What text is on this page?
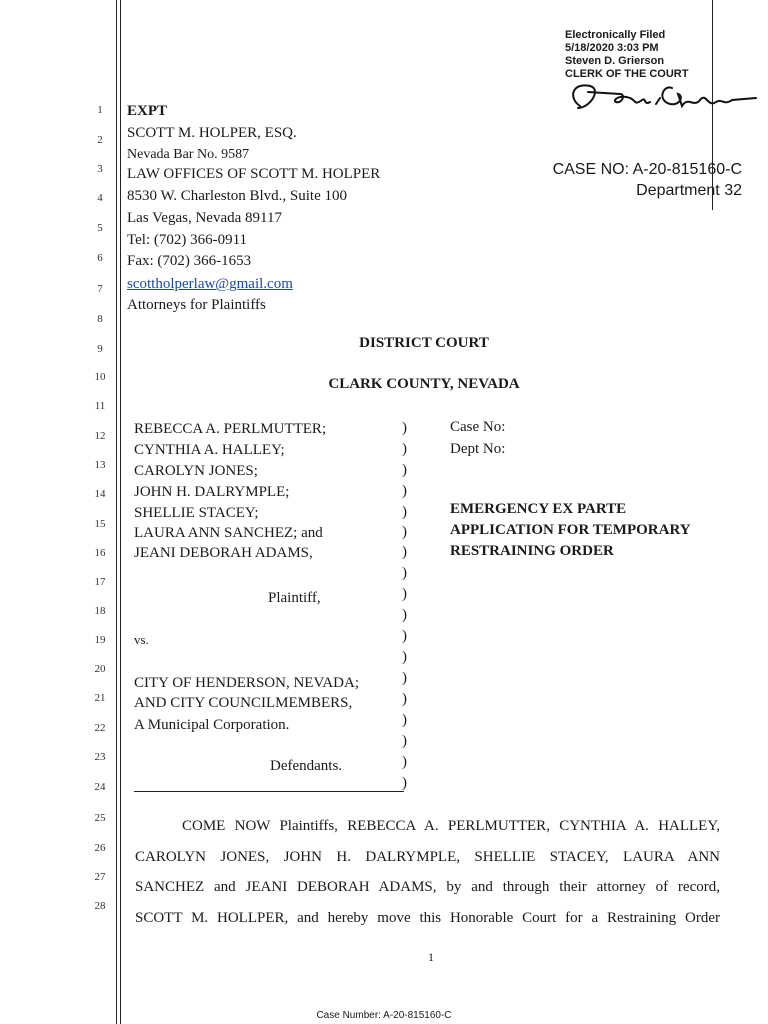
Electronically Filed
5/18/2020 3:03 PM
Steven D. Grierson
CLERK OF THE COURT
CASE NO: A-20-815160-C
Department 32
1
2
3
4
5
6
7
8
9
10
11
12
13
14
15
16
17
18
19
20
21
22
23
24
25
26
27
28
EXPT
SCOTT M. HOLPER, ESQ.
Nevada Bar No. 9587
LAW OFFICES OF SCOTT M. HOLPER
8530 W. Charleston Blvd., Suite 100
Las Vegas, Nevada 89117
Tel: (702) 366-0911
Fax: (702) 366-1653
scottholperlaw@gmail.com
Attorneys for Plaintiffs
DISTRICT COURT
CLARK COUNTY, NEVADA
REBECCA A. PERLMUTTER;
CYNTHIA A. HALLEY;
CAROLYN JONES;
JOHN H. DALRYMPLE;
SHELLIE STACEY;
LAURA ANN SANCHEZ; and
JEANI DEBORAH ADAMS,
Plaintiff,
vs.
CITY OF HENDERSON, NEVADA;
AND CITY COUNCILMEMBERS,
A Municipal Corporation.
Defendants.
)
)
)
)
)
)
)
)
)
)
)
)
)
)
)
)
)
)
Case No:
Dept No:
EMERGENCY EX PARTE
APPLICATION FOR TEMPORARY
RESTRAINING ORDER
COME NOW Plaintiffs, REBECCA A. PERLMUTTER, CYNTHIA A. HALLEY,
CAROLYN JONES, JOHN H. DALRYMPLE, SHELLIE STACEY, LAURA ANN
SANCHEZ and JEANI DEBORAH ADAMS, by and through their attorney of record,
SCOTT M. HOLLPER, and hereby move this Honorable Court for a Restraining Order
1
Case Number: A-20-815160-C
